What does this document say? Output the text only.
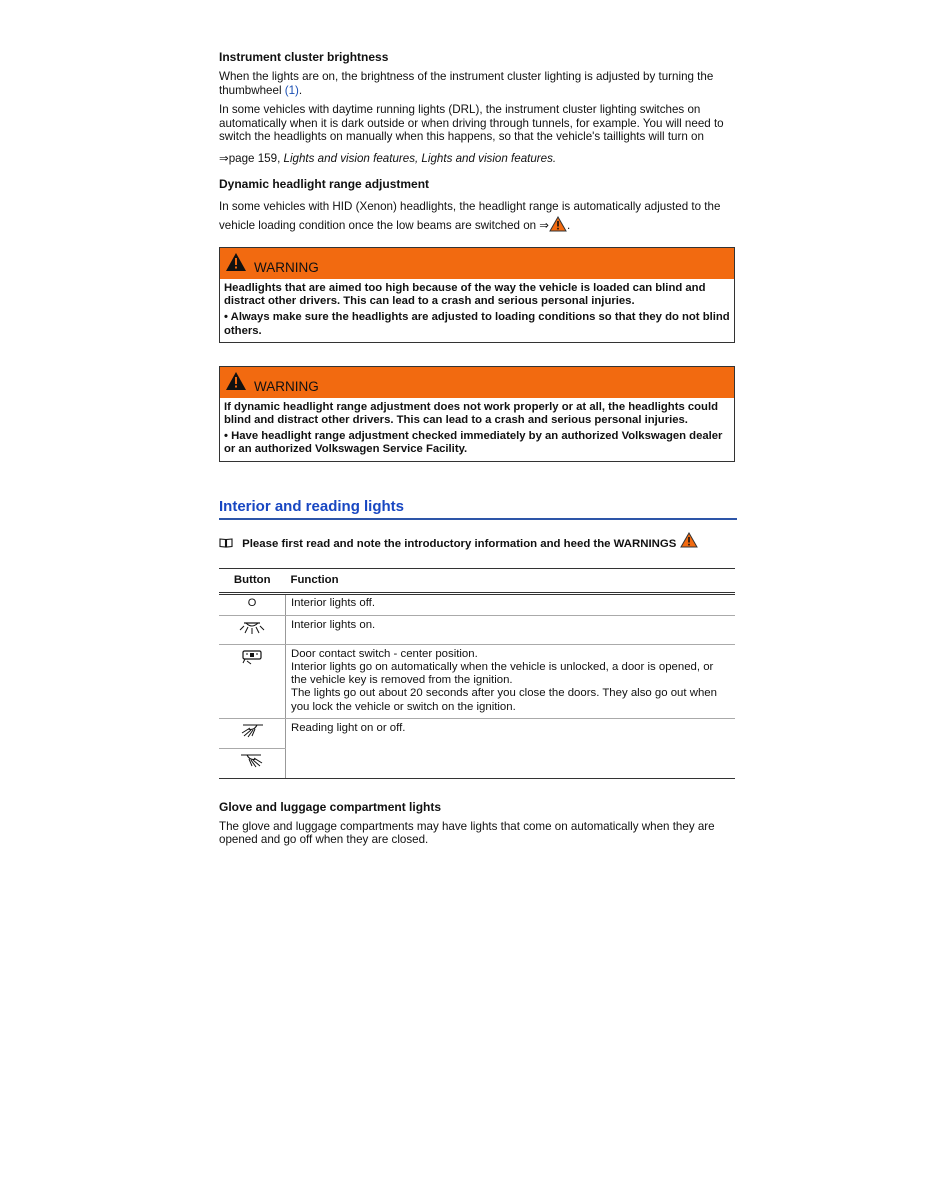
Instrument cluster brightness

When the lights are on, the brightness of the instrument cluster lighting is adjusted by turning the thumbwheel (1).

In some vehicles with daytime running lights (DRL), the instrument cluster lighting switches on automatically when it is dark outside or when driving through tunnels, for example. You will need to switch the headlights on manually when this happens, so that the vehicle's taillights will turn on

⇒page 159, Lights and vision features, Lights and vision features.

Dynamic headlight range adjustment

In some vehicles with HID (Xenon) headlights, the headlight range is automatically adjusted to the vehicle loading condition once the low beams are switched on ⇒ .

WARNING
Headlights that are aimed too high because of the way the vehicle is loaded can blind and distract other drivers. This can lead to a crash and serious personal injuries.
• Always make sure the headlights are adjusted to loading conditions so that they do not blind others.
WARNING
If dynamic headlight range adjustment does not work properly or at all, the headlights could blind and distract other drivers. This can lead to a crash and serious personal injuries.
• Have headlight range adjustment checked immediately by an authorized Volkswagen dealer or an authorized Volkswagen Service Facility.
Interior and reading lights
Please first read and note the introductory information and heed the WARNINGS
Button	Function
O	Interior lights off.
	Interior lights on.

Door contact switch - center position.
Interior lights go on automatically when the vehicle is unlocked, a door is opened, or the vehicle key is removed from the ignition.
The lights go out about 20 seconds after you close the doors. They also go out when you lock the vehicle or switch on the ignition.

	Reading light on or off.

Glove and luggage compartment lights

The glove and luggage compartments may have lights that come on automatically when they are opened and go off when they are closed.
